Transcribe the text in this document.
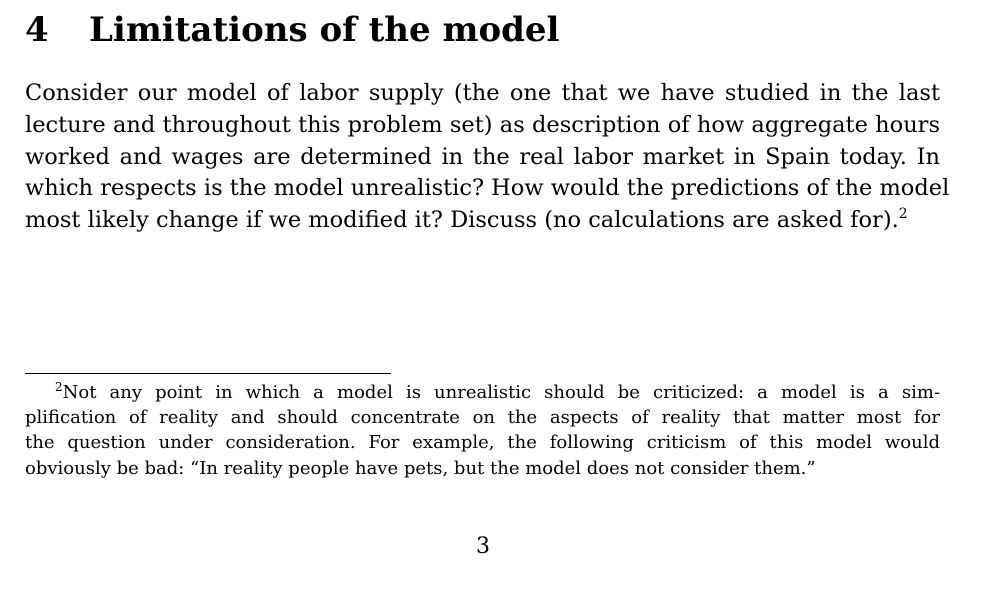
4 Limitations of the model
Consider our model of labor supply (the one that we have studied in the last
lecture and throughout this problem set) as description of how aggregate hours
worked and wages are determined in the real labor market in Spain today. In
which respects is the model unrealistic? How would the predictions of the model
most likely change if we modified it? Discuss (no calculations are asked for).$^2$
$^2$Not any point in which a model is unrealistic should be criticized: a model is a sim-
plification of reality and should concentrate on the aspects of reality that matter most for
the question under consideration. For example, the following criticism of this model would
obviously be bad: “In reality people have pets, but the model does not consider them.”
3
